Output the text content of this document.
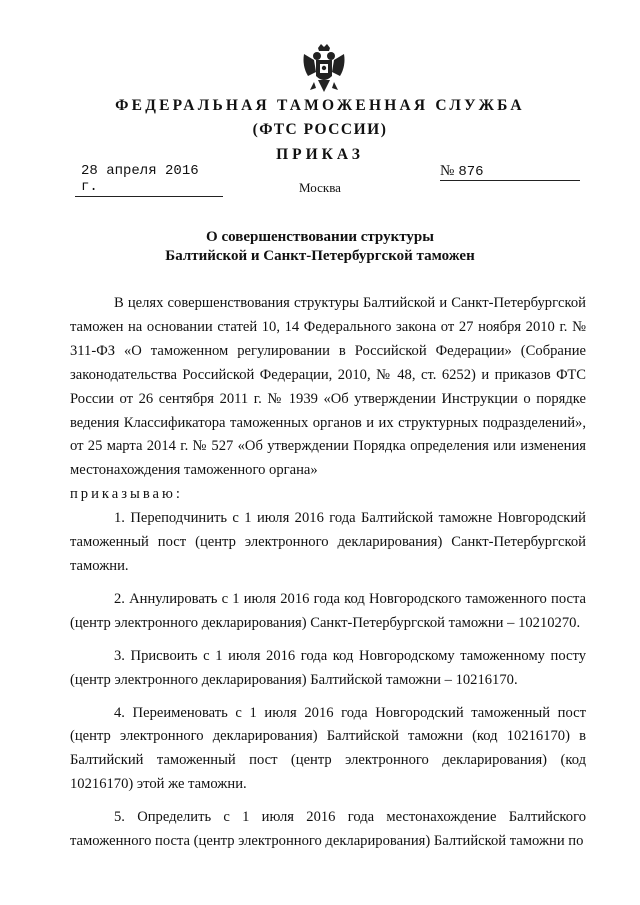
ФЕДЕРАЛЬНАЯ ТАМОЖЕННАЯ СЛУЖБА
(ФТС РОССИИ)
ПРИКАЗ
28 апреля 2016 г.
№ 876
Москва
О совершенствовании структуры
Балтийской и Санкт-Петербургской таможен

В целях совершенствования структуры Балтийской и Санкт-Петербургской таможен на основании статей 10, 14 Федерального закона от 27 ноября 2010 г. № 311-ФЗ «О таможенном регулировании в Российской Федерации» (Собрание законодательства Российской Федерации, 2010, № 48, ст. 6252) и приказов ФТС России от 26 сентября 2011 г. № 1939 «Об утверждении Инструкции о порядке ведения Классификатора таможенных органов и их структурных подразделений», от 25 марта 2014 г. № 527 «Об утверждении Порядка определения или изменения местонахождения таможенного органа»

приказываю:

1. Переподчинить с 1 июля 2016 года Балтийской таможне Новгородский таможенный пост (центр электронного декларирования) Санкт-Петербургской таможни.

2. Аннулировать с 1 июля 2016 года код Новгородского таможенного поста (центр электронного декларирования) Санкт-Петербургской таможни – 10210270.

3. Присвоить с 1 июля 2016 года код Новгородскому таможенному посту (центр электронного декларирования) Балтийской таможни – 10216170.

4. Переименовать с 1 июля 2016 года Новгородский таможенный пост (центр электронного декларирования) Балтийской таможни (код 10216170) в Балтийский таможенный пост (центр электронного декларирования) (код 10216170) этой же таможни.

5. Определить с 1 июля 2016 года местонахождение Балтийского таможенного поста (центр электронного декларирования) Балтийской таможни по
